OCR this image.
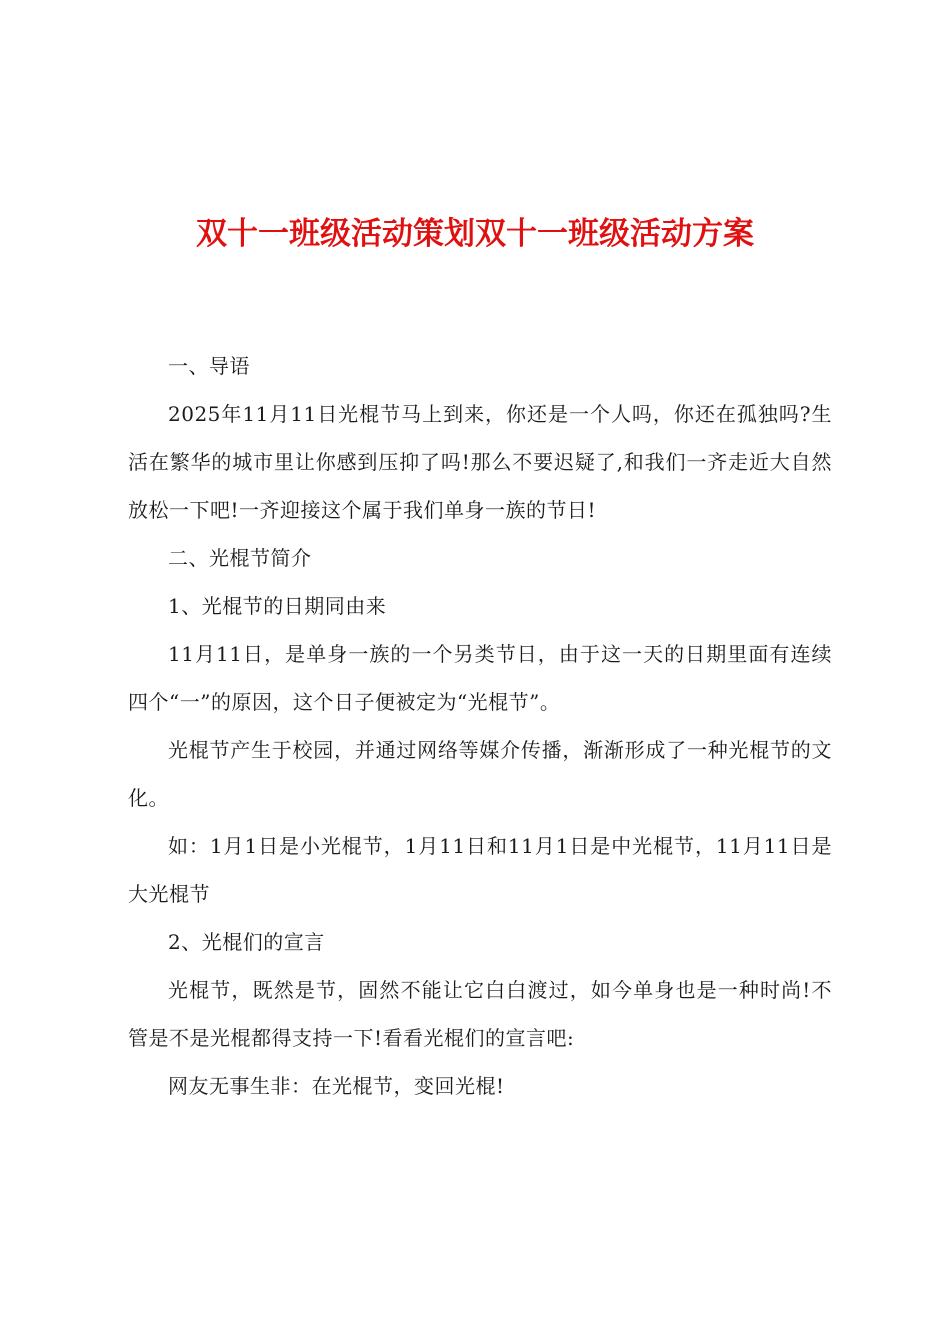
双十一班级活动策划双十一班级活动方案

一、导语

2025年11月11日光棍节马上到来，你还是一个人吗，你还在孤独吗?生活在繁华的城市里让你感到压抑了吗!那么不要迟疑了,和我们一齐走近大自然放松一下吧!一齐迎接这个属于我们单身一族的节日!

二、光棍节简介

1、光棍节的日期同由来

11月11日，是单身一族的一个另类节日，由于这一天的日期里面有连续四个“一”的原因，这个日子便被定为“光棍节”。

光棍节产生于校园，并通过网络等媒介传播，渐渐形成了一种光棍节的文化。

如：1月1日是小光棍节，1月11日和11月1日是中光棍节，11月11日是大光棍节

2、光棍们的宣言

光棍节，既然是节，固然不能让它白白渡过，如今单身也是一种时尚!不管是不是光棍都得支持一下!看看光棍们的宣言吧:

网友无事生非：在光棍节，变回光棍!
